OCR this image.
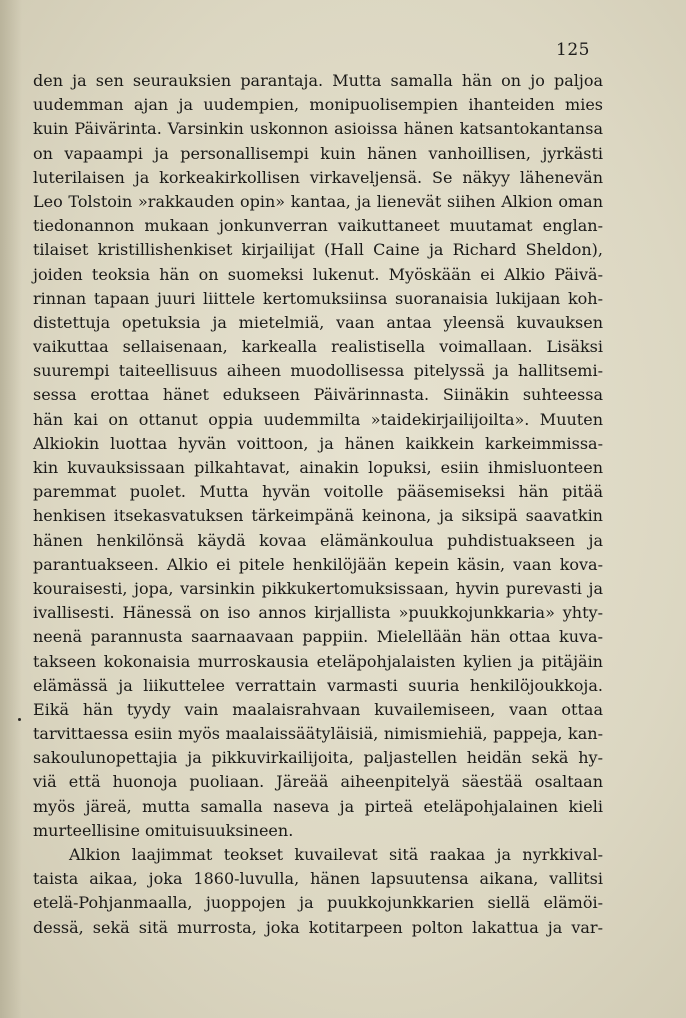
125
den ja sen seurauksien parantaja. Mutta samalla hän on jo paljoa
uudemman ajan ja uudempien, monipuolisempien ihanteiden mies
kuin Päivärinta. Varsinkin uskonnon asioissa hänen katsantokantansa
on vapaampi ja personallisempi kuin hänen vanhoillisen, jyrkästi
luterilaisen ja korkeakirkollisen virkaveljensä. Se näkyy lähenevän
Leo Tolstoin »rakkauden opin» kantaa, ja lienevät siihen Alkion oman
tiedonannon mukaan jonkunverran vaikuttaneet muutamat englan-
tilaiset kristillishenkiset kirjailijat (Hall Caine ja Richard Sheldon),
joiden teoksia hän on suomeksi lukenut. Myöskään ei Alkio Päivä-
rinnan tapaan juuri liittele kertomuksiinsa suoranaisia lukijaan koh-
distettuja opetuksia ja mietelmiä, vaan antaa yleensä kuvauksen
vaikuttaa sellaisenaan, karkealla realistisella voimallaan. Lisäksi
suurempi taiteellisuus aiheen muodollisessa pitelyssä ja hallitsemi-
sessa erottaa hänet edukseen Päivärinnasta. Siinäkin suhteessa
hän kai on ottanut oppia uudemmilta »taidekirjailijoilta». Muuten
Alkiokin luottaa hyvän voittoon, ja hänen kaikkein karkeimmissa-
kin kuvauksissaan pilkahtavat, ainakin lopuksi, esiin ihmisluonteen
paremmat puolet. Mutta hyvän voitolle pääsemiseksi hän pitää
henkisen itsekasvatuksen tärkeimpänä keinona, ja siksipä saavatkin
hänen henkilönsä käydä kovaa elämänkoulua puhdistuakseen ja
parantuakseen. Alkio ei pitele henkilöjään kepein käsin, vaan kova-
kouraisesti, jopa, varsinkin pikkukertomuksissaan, hyvin purevasti ja
ivallisesti. Hänessä on iso annos kirjallista »puukkojunkkaria» yhty-
neenä parannusta saarnaavaan pappiin. Mielellään hän ottaa kuva-
takseen kokonaisia murroskausia eteläpohjalaisten kylien ja pitäjäin
elämässä ja liikuttelee verrattain varmasti suuria henkilöjoukkoja.
Eikä hän tyydy vain maalaisrahvaan kuvailemiseen, vaan ottaa
tarvittaessa esiin myös maalaissäätyläisiä, nimismiehiä, pappeja, kan-
sakoulunopettajia ja pikkuvirkailijoita, paljastellen heidän sekä hy-
viä että huonoja puoliaan. Järeää aiheenpitelyä säestää osaltaan
myös järeä, mutta samalla naseva ja pirteä eteläpohjalainen kieli
murteellisine omituisuuksineen.
Alkion laajimmat teokset kuvailevat sitä raakaa ja nyrkkival-
taista aikaa, joka 1860-luvulla, hänen lapsuutensa aikana, vallitsi
etelä-Pohjanmaalla, juoppojen ja puukkojunkkarien siellä elämöi-
dessä, sekä sitä murrosta, joka kotitarpeen polton lakattua ja var-
